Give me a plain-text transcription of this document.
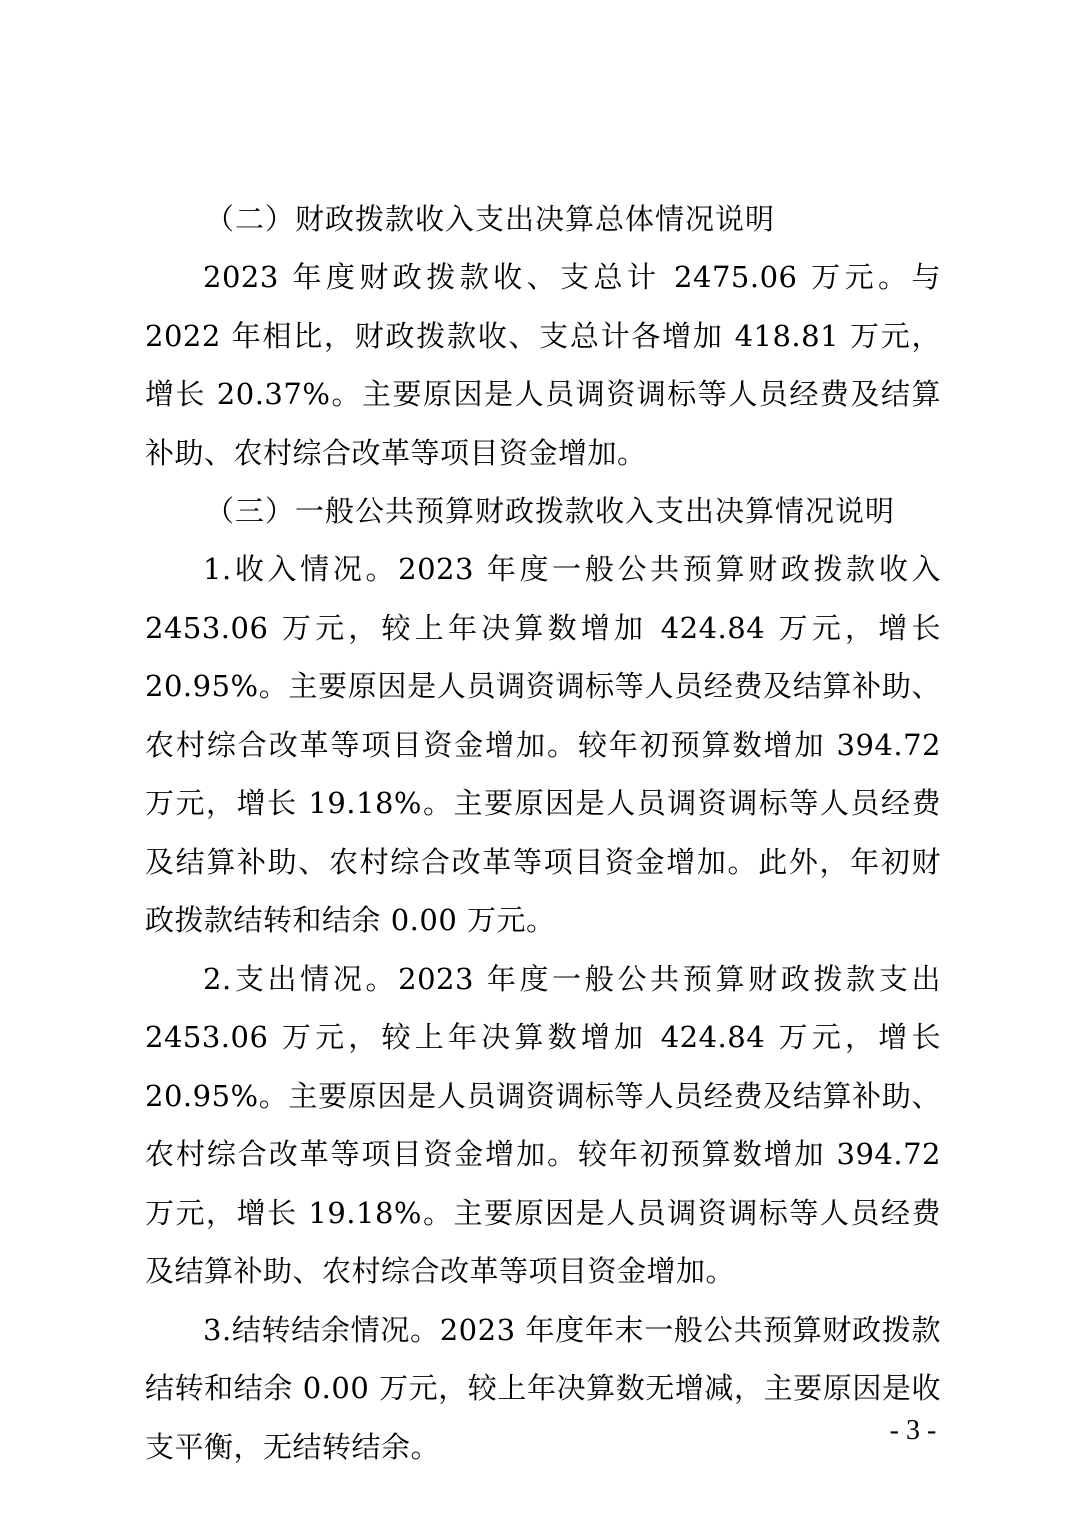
（二）财政拨款收入支出决算总体情况说明

2023 年度财政拨款收、支总计 2475.06 万元。与 2022 年相比，财政拨款收、支总计各增加 418.81 万元，增长 20.37%。主要原因是人员调资调标等人员经费及结算补助、农村综合改革等项目资金增加。

（三）一般公共预算财政拨款收入支出决算情况说明

1.收入情况。2023 年度一般公共预算财政拨款收入 2453.06 万元，较上年决算数增加 424.84 万元，增长 20.95%。主要原因是人员调资调标等人员经费及结算补助、农村综合改革等项目资金增加。较年初预算数增加 394.72 万元，增长 19.18%。主要原因是人员调资调标等人员经费及结算补助、农村综合改革等项目资金增加。此外，年初财政拨款结转和结余 0.00 万元。

2.支出情况。2023 年度一般公共预算财政拨款支出 2453.06 万元，较上年决算数增加 424.84 万元，增长 20.95%。主要原因是人员调资调标等人员经费及结算补助、农村综合改革等项目资金增加。较年初预算数增加 394.72 万元，增长 19.18%。主要原因是人员调资调标等人员经费及结算补助、农村综合改革等项目资金增加。

3.结转结余情况。2023 年度年末一般公共预算财政拨款结转和结余 0.00 万元，较上年决算数无增减，主要原因是收支平衡，无结转结余。	- 3 -
